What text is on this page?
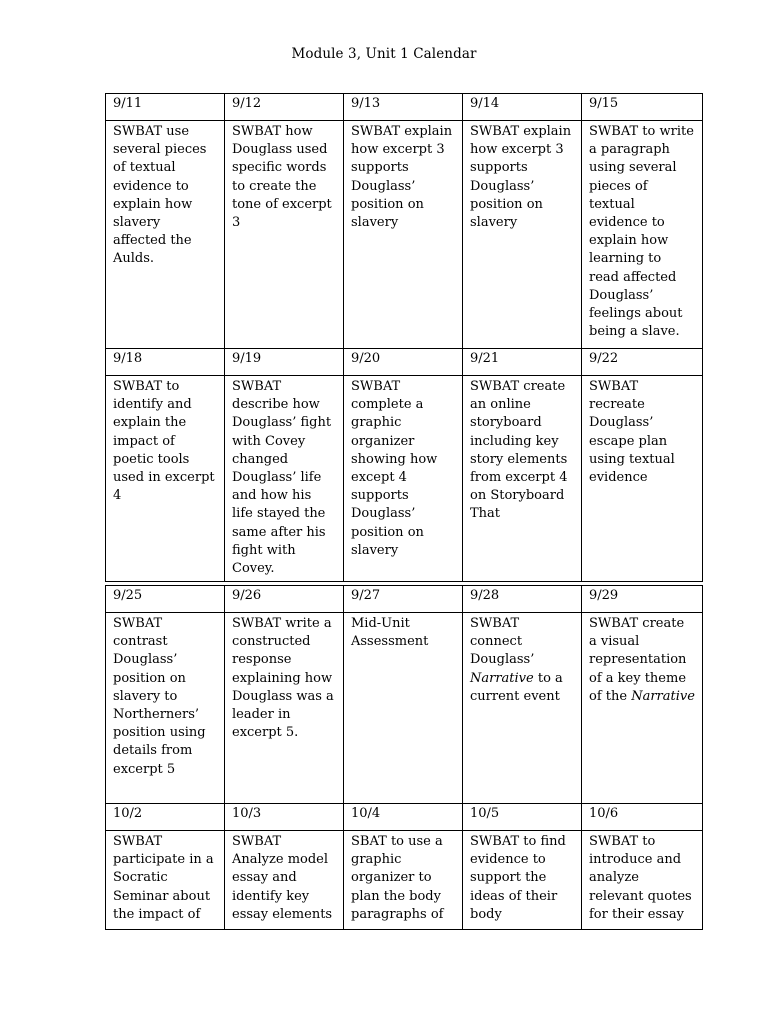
Module 3, Unit 1 Calendar
9/11	9/12	9/13	9/14	9/15
SWBAT use several pieces of textual evidence to explain how slavery affected the Aulds.	SWBAT how Douglass used specific words to create the tone of excerpt 3	SWBAT explain how excerpt 3 supports Douglass’ position on slavery	SWBAT explain how excerpt 3 supports Douglass’ position on slavery	SWBAT to write a paragraph using several pieces of textual evidence to explain how learning to read affected Douglass’ feelings about being a slave.
9/18	9/19	9/20	9/21	9/22
SWBAT to identify and explain the impact of poetic tools used in excerpt 4	SWBAT describe how Douglass’ fight with Covey changed Douglass’ life and how his life stayed the same after his fight with Covey.	SWBAT complete a graphic organizer showing how except 4 supports Douglass’ position on slavery	SWBAT create an online storyboard including key story elements from excerpt 4 on Storyboard That	SWBAT recreate Douglass’ escape plan using textual evidence
9/25	9/26	9/27	9/28	9/29
SWBAT contrast Douglass’ position on slavery to Northerners’ position using details from excerpt 5	SWBAT write a constructed response explaining how Douglass was a leader in excerpt 5.	Mid-Unit Assessment	SWBAT connect Douglass’ Narrative to a current event	SWBAT create a visual representation of a key theme of the Narrative
10/2	10/3	10/4	10/5	10/6
SWBAT participate in a Socratic Seminar about the impact of	SWBAT Analyze model essay and identify key essay elements	SBAT to use a graphic organizer to plan the body paragraphs of	SWBAT to find evidence to support the ideas of their body	SWBAT to introduce and analyze relevant quotes for their essay
